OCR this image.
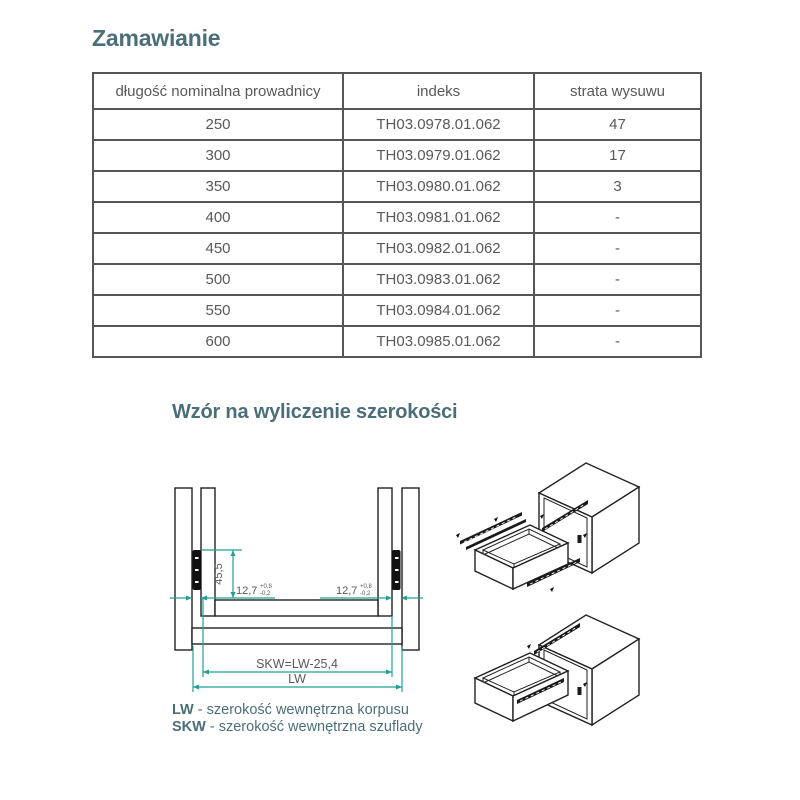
Zamawianie
długość nominalna prowadnicy	indeks	strata wysuwu
250	TH03.0978.01.062	47
300	TH03.0979.01.062	17
350	TH03.0980.01.062	3
400	TH03.0981.01.062	-
450	TH03.0982.01.062	-
500	TH03.0983.01.062	-
550	TH03.0984.01.062	-
600	TH03.0985.01.062	-
Wzór na wyliczenie szerokości
45,5
12,7 +0,8
-0,2	12,7 +0,8
-0,2
SKW=LW-25,4
LW
LW - szerokość wewnętrzna korpusu
SKW - szerokość wewnętrzna szuflady
